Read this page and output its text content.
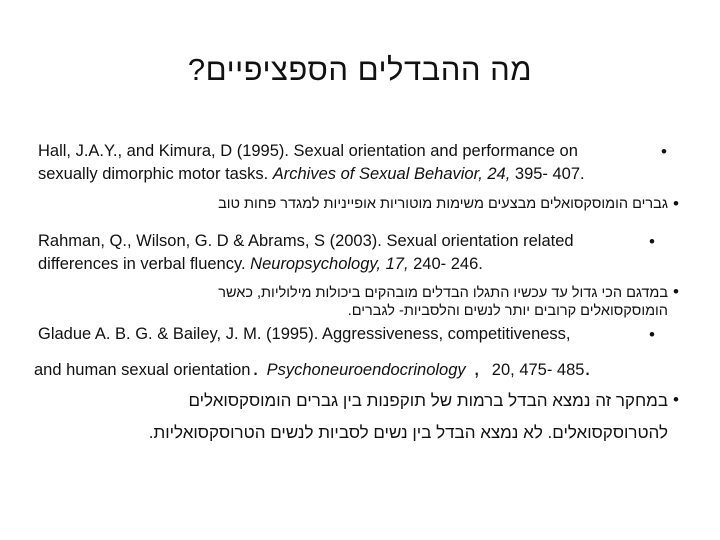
מה ההבדלים הספציפיים?
•
Hall, J.A.Y., and Kimura, D (1995). Sexual orientation and performance on
sexually dimorphic motor tasks. Archives of Sexual Behavior, 24, 395- 407.
•
גברים הומוסקסואלים מבצעים משימות מוטוריות אופייניות למגדר פחות טוב
•
Rahman, Q., Wilson, G. D & Abrams, S (2003). Sexual orientation related
differences in verbal fluency. Neuropsychology, 17, 240- 246.
•
במדגם הכי גדול עד עכשיו התגלו הבדלים מובהקים ביכולות מילוליות, כאשר
הומוסקסואלים קרובים יותר לנשים והלסביות- לגברים.
•
Gladue A. B. G. & Bailey, J. M. (1995). Aggressiveness, competitiveness,
and human sexual orientation. Psychoneuroendocrinology , 20, 475- 485.
•
במחקר זה נמצא הבדל ברמות של תוקפנות בין גברים הומוסקסואלים
להטרוסקסואלים. לא נמצא הבדל בין נשים לסביות לנשים הטרוסקסואליות.
